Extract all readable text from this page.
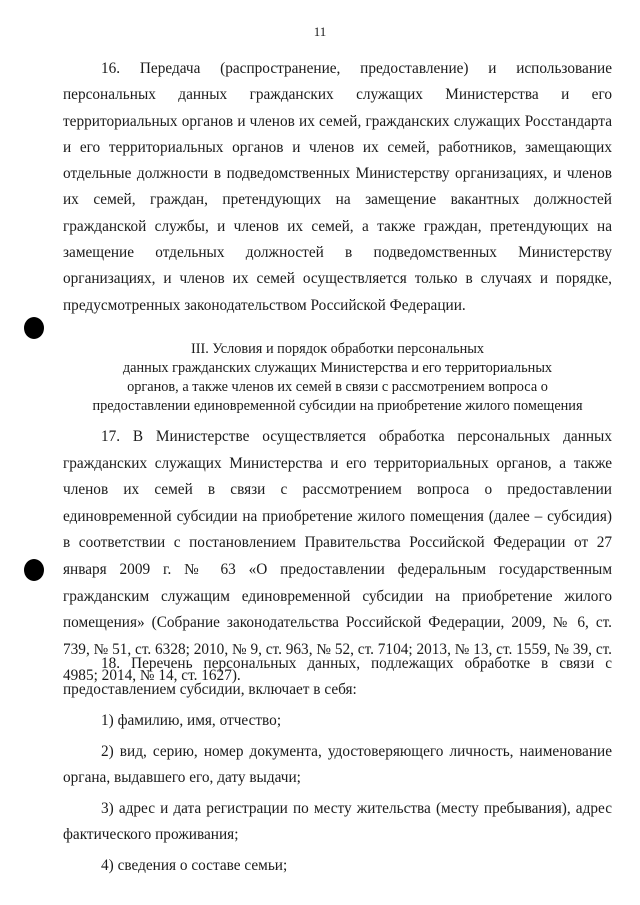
11

16. Передача (распространение, предоставление) и использование персональных данных гражданских служащих Министерства и его территориальных органов и членов их семей, гражданских служащих Росстандарта и его территориальных органов и членов их семей, работников, замещающих отдельные должности в подведомственных Министерству организациях, и членов их семей, граждан, претендующих на замещение вакантных должностей гражданской службы, и членов их семей, а также граждан, претендующих на замещение отдельных должностей в подведомственных Министерству организациях, и членов их семей осуществляется только в случаях и порядке, предусмотренных законодательством Российской Федерации.

III. Условия и порядок обработки персональных
данных гражданских служащих Министерства и его территориальных
органов, а также членов их семей в связи с рассмотрением вопроса о
предоставлении единовременной субсидии на приобретение жилого помещения

17. В Министерстве осуществляется обработка персональных данных гражданских служащих Министерства и его территориальных органов, а также членов их семей в связи с рассмотрением вопроса о предоставлении единовременной субсидии на приобретение жилого помещения (далее – субсидия) в соответствии с постановлением Правительства Российской Федерации от 27 января 2009 г. № 63 «О предоставлении федеральным государственным гражданским служащим единовременной субсидии на приобретение жилого помещения» (Собрание законодательства Российской Федерации, 2009, № 6, ст. 739, № 51, ст. 6328; 2010, № 9, ст. 963, № 52, ст. 7104; 2013, № 13, ст. 1559, № 39, ст. 4985; 2014, № 14, ст. 1627).

18. Перечень персональных данных, подлежащих обработке в связи с предоставлением субсидии, включает в себя:

1) фамилию, имя, отчество;

2) вид, серию, номер документа, удостоверяющего личность, наименование органа, выдавшего его, дату выдачи;

3) адрес и дата регистрации по месту жительства (месту пребывания), адрес фактического проживания;

4) сведения о составе семьи;
